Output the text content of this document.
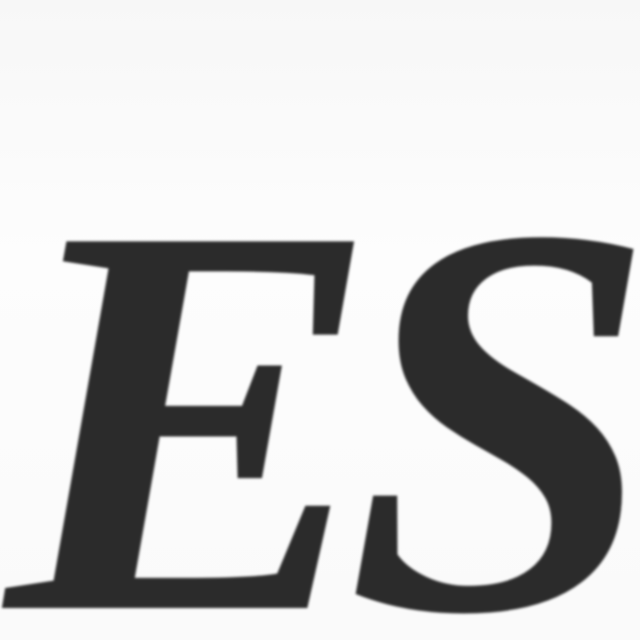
ES
